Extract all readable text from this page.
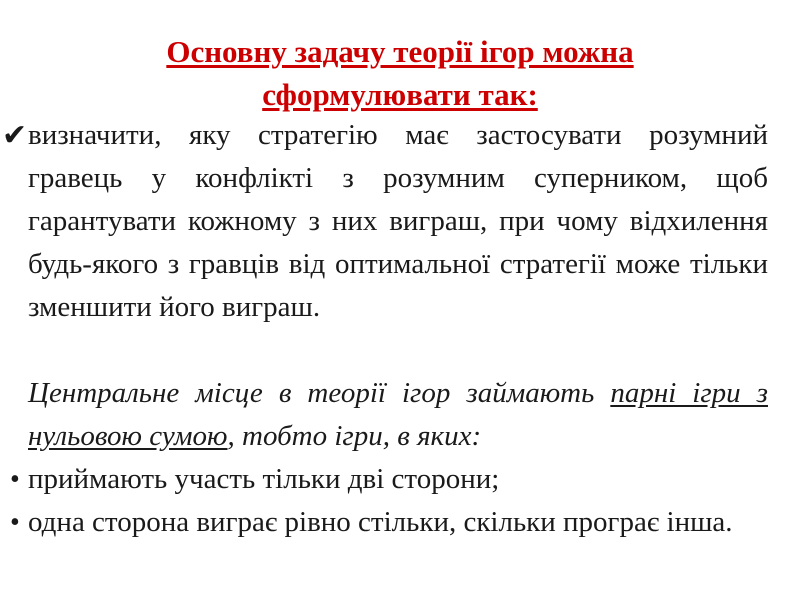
Основну задачу теорії ігор можна
сформулювати так:
✔ визначити, яку стратегію має застосувати розумний гравець у конфлікті з розумним суперником, щоб гарантувати кожному з них виграш, при чому відхилення будь-якого з гравців від оптимальної стратегії може тільки зменшити його виграш.

Центральне місце в теорії ігор займають парні ігри з нульовою сумою, тобто ігри, в яких:

• приймають участь тільки дві сторони;

• одна сторона виграє рівно стільки, скільки програє інша.
